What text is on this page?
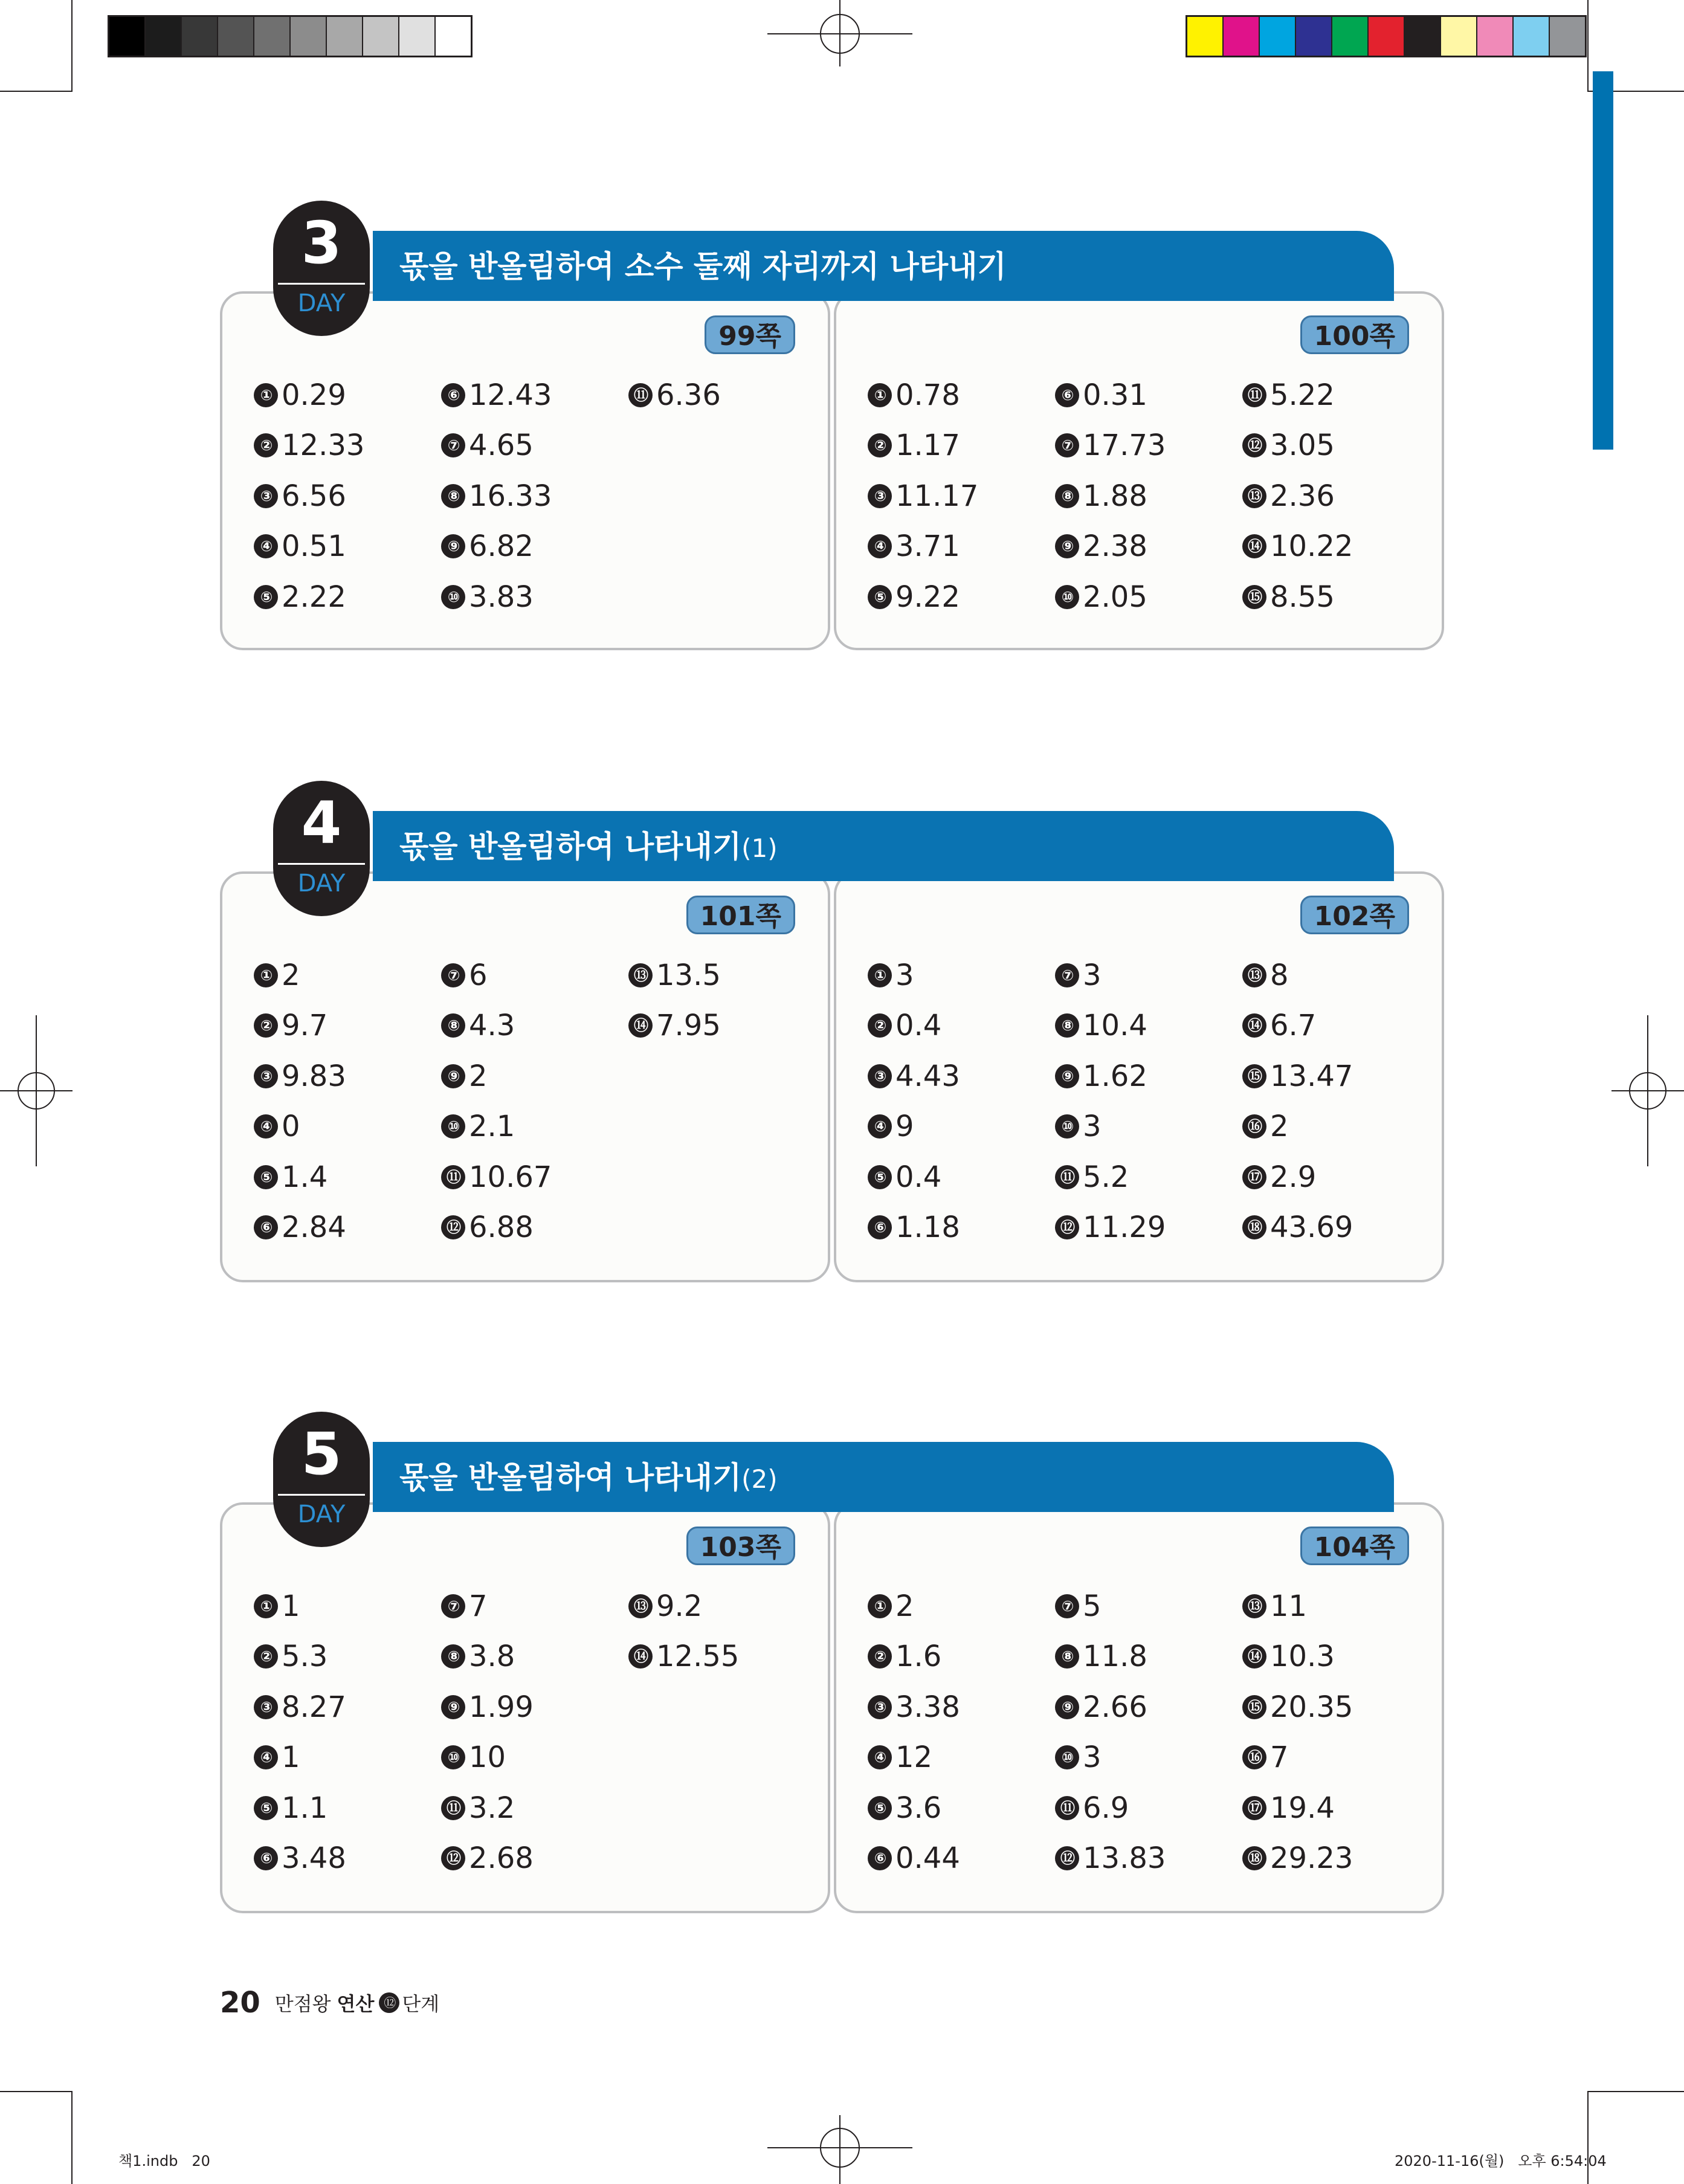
99쪽
① 0.29
② 12.33
③ 6.56
④ 0.51
⑤ 2.22
⑥ 12.43
⑦ 4.65
⑧ 16.33
⑨ 6.82
⑩ 3.83
⑪ 6.36
100쪽
① 0.78
② 1.17
③ 11.17
④ 3.71
⑤ 9.22
⑥ 0.31
⑦ 17.73
⑧ 1.88
⑨ 2.38
⑩ 2.05
⑪ 5.22
⑫ 3.05
⑬ 2.36
⑭ 10.22
⑮ 8.55
몫을 반올림하여 소수 둘째 자리까지 나타내기
3
DAY
101쪽
① 2
② 9.7
③ 9.83
④ 0
⑤ 1.4
⑥ 2.84
⑦ 6
⑧ 4.3
⑨ 2
⑩ 2.1
⑪ 10.67
⑫ 6.88
⑬ 13.5
⑭ 7.95
102쪽
① 3
② 0.4
③ 4.43
④ 9
⑤ 0.4
⑥ 1.18
⑦ 3
⑧ 10.4
⑨ 1.62
⑩ 3
⑪ 5.2
⑫ 11.29
⑬ 8
⑭ 6.7
⑮ 13.47
⑯ 2
⑰ 2.9
⑱ 43.69
몫을 반올림하여 나타내기(1)
4
DAY
103쪽
① 1
② 5.3
③ 8.27
④ 1
⑤ 1.1
⑥ 3.48
⑦ 7
⑧ 3.8
⑨ 1.99
⑩ 10
⑪ 3.2
⑫ 2.68
⑬ 9.2
⑭ 12.55
104쪽
① 2
② 1.6
③ 3.38
④ 12
⑤ 3.6
⑥ 0.44
⑦ 5
⑧ 11.8
⑨ 2.66
⑩ 3
⑪ 6.9
⑫ 13.83
⑬ 11
⑭ 10.3
⑮ 20.35
⑯ 7
⑰ 19.4
⑱ 29.23
몫을 반올림하여 나타내기(2)
5
DAY
20 만점왕 연산 ⑫ 단계
책1.indb   20	2020-11-16(월)   오후 6:54:04
